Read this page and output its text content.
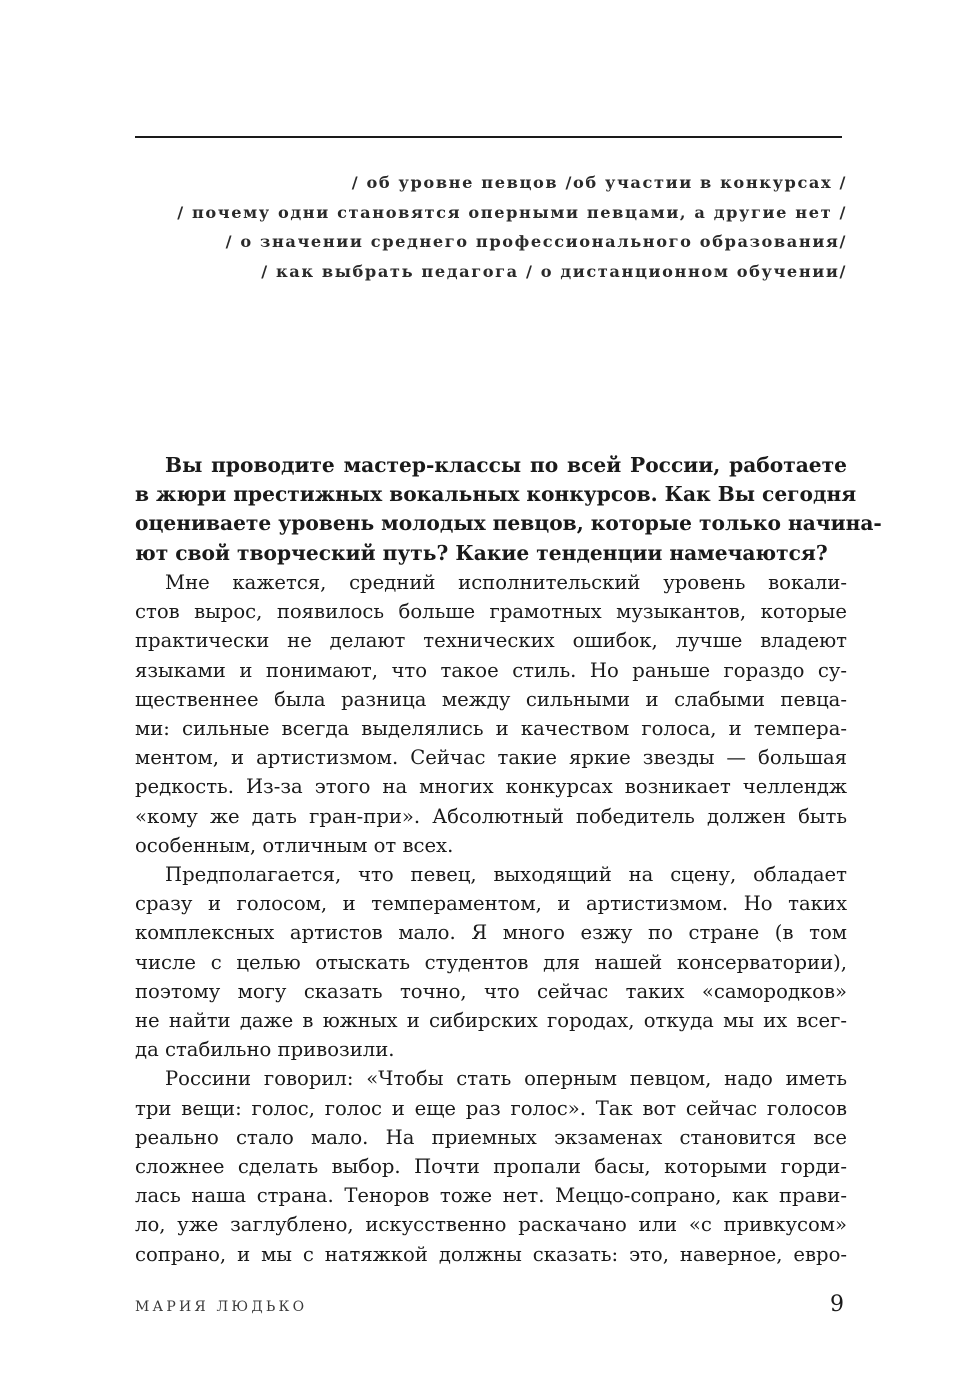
/ об уровне певцов /об участии в конкурсах /
/ почему одни становятся оперными певцами, а другие нет /
/ о значении среднего профессионального образования/
/ как выбрать педагога / о дистанционном обучении/
Вы проводите мастер-классы по всей России, работаете
в жюри престижных вокальных конкурсов. Как Вы сегодня
оцениваете уровень молодых певцов, которые только начина-
ют свой творческий путь? Какие тенденции намечаются?
Мне кажется, средний исполнительский уровень вокали-
стов вырос, появилось больше грамотных музыкантов, которые
практически не делают технических ошибок, лучше владеют
языками и понимают, что такое стиль. Но раньше гораздо су-
щественнее была разница между сильными и слабыми певца-
ми: сильные всегда выделялись и качеством голоса, и темпера-
ментом, и артистизмом. Сейчас такие яркие звезды — большая
редкость. Из-за этого на многих конкурсах возникает челлендж
«кому же дать гран-при». Абсолютный победитель должен быть
особенным, отличным от всех.
Предполагается, что певец, выходящий на сцену, обладает
сразу и голосом, и темпераментом, и артистизмом. Но таких
комплексных артистов мало. Я много езжу по стране (в том
числе с целью отыскать студентов для нашей консерватории),
поэтому могу сказать точно, что сейчас таких «самородков»
не найти даже в южных и сибирских городах, откуда мы их всег-
да стабильно привозили.
Россини говорил: «Чтобы стать оперным певцом, надо иметь
три вещи: голос, голос и еще раз голос». Так вот сейчас голосов
реально стало мало. На приемных экзаменах становится все
сложнее сделать выбор. Почти пропали басы, которыми горди-
лась наша страна. Теноров тоже нет. Меццо-сопрано, как прави-
ло, уже заглублено, искусственно раскачано или «с привкусом»
сопрано, и мы с натяжкой должны сказать: это, наверное, евро-
МАРИЯ ЛЮДЬКО	9
